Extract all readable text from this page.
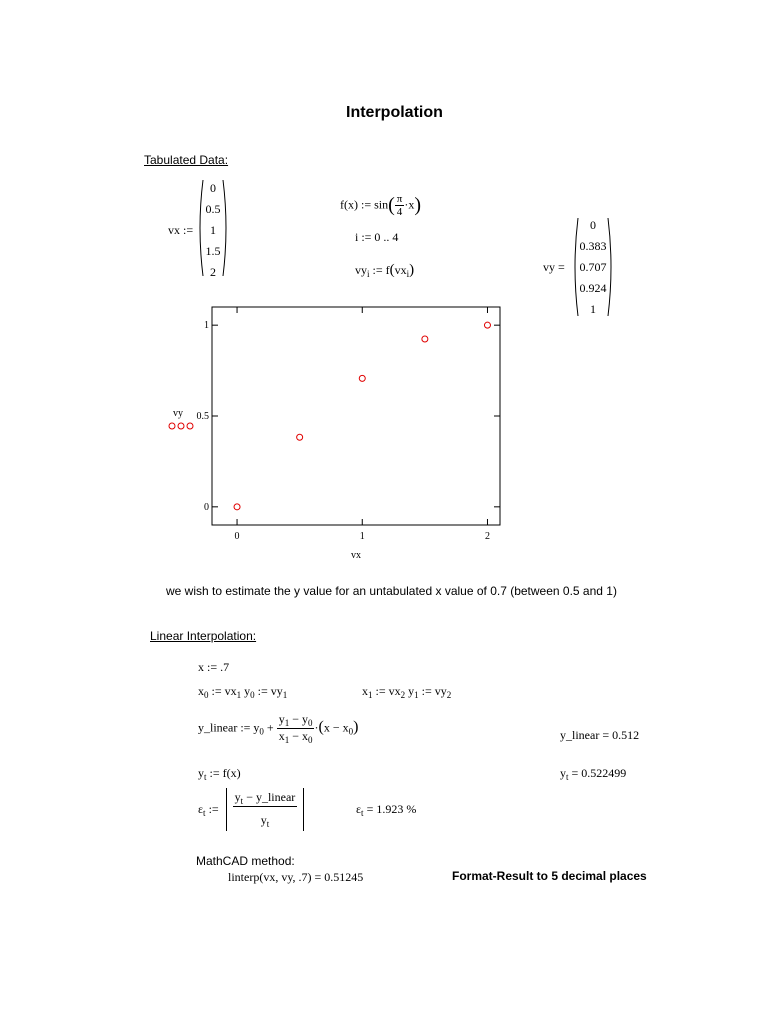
Interpolation
Tabulated Data:
vx :=
0
0.5
1
1.5
2
f(x) := $\sin( \frac{\pi}{4} \cdot x)$
i := 0 .. 4
$vy_i$ := $f(vx_i)$	vy =
0
0.383
0.707
0.924
1
0	1	2
0
0.5
1
vx
vy
we wish to estimate the y value for an untabulated x value of 0.7 (between 0.5 and 1)
Linear Interpolation:
x := .7
$x_0$ := $vx_1$ $y_0$ := $vy_1$	$x_1$ := $vx_2$ $y_1$ := $vy_2$
y_linear := $y_0 + \frac{y_1 - y_0}{x_1 - x_0} \cdot(x - x_0)$	y_linear = 0.512
$y_t$ := f(x)	$y_t = 0.522499$
$\varepsilon_t$ := $\frac{y_t - y\_linear}{y_t}$	$\varepsilon_t = 1.923$ %
MathCAD method:
linterp(vx, vy, .7) = 0.51245	Format-Result to 5 decimal places
